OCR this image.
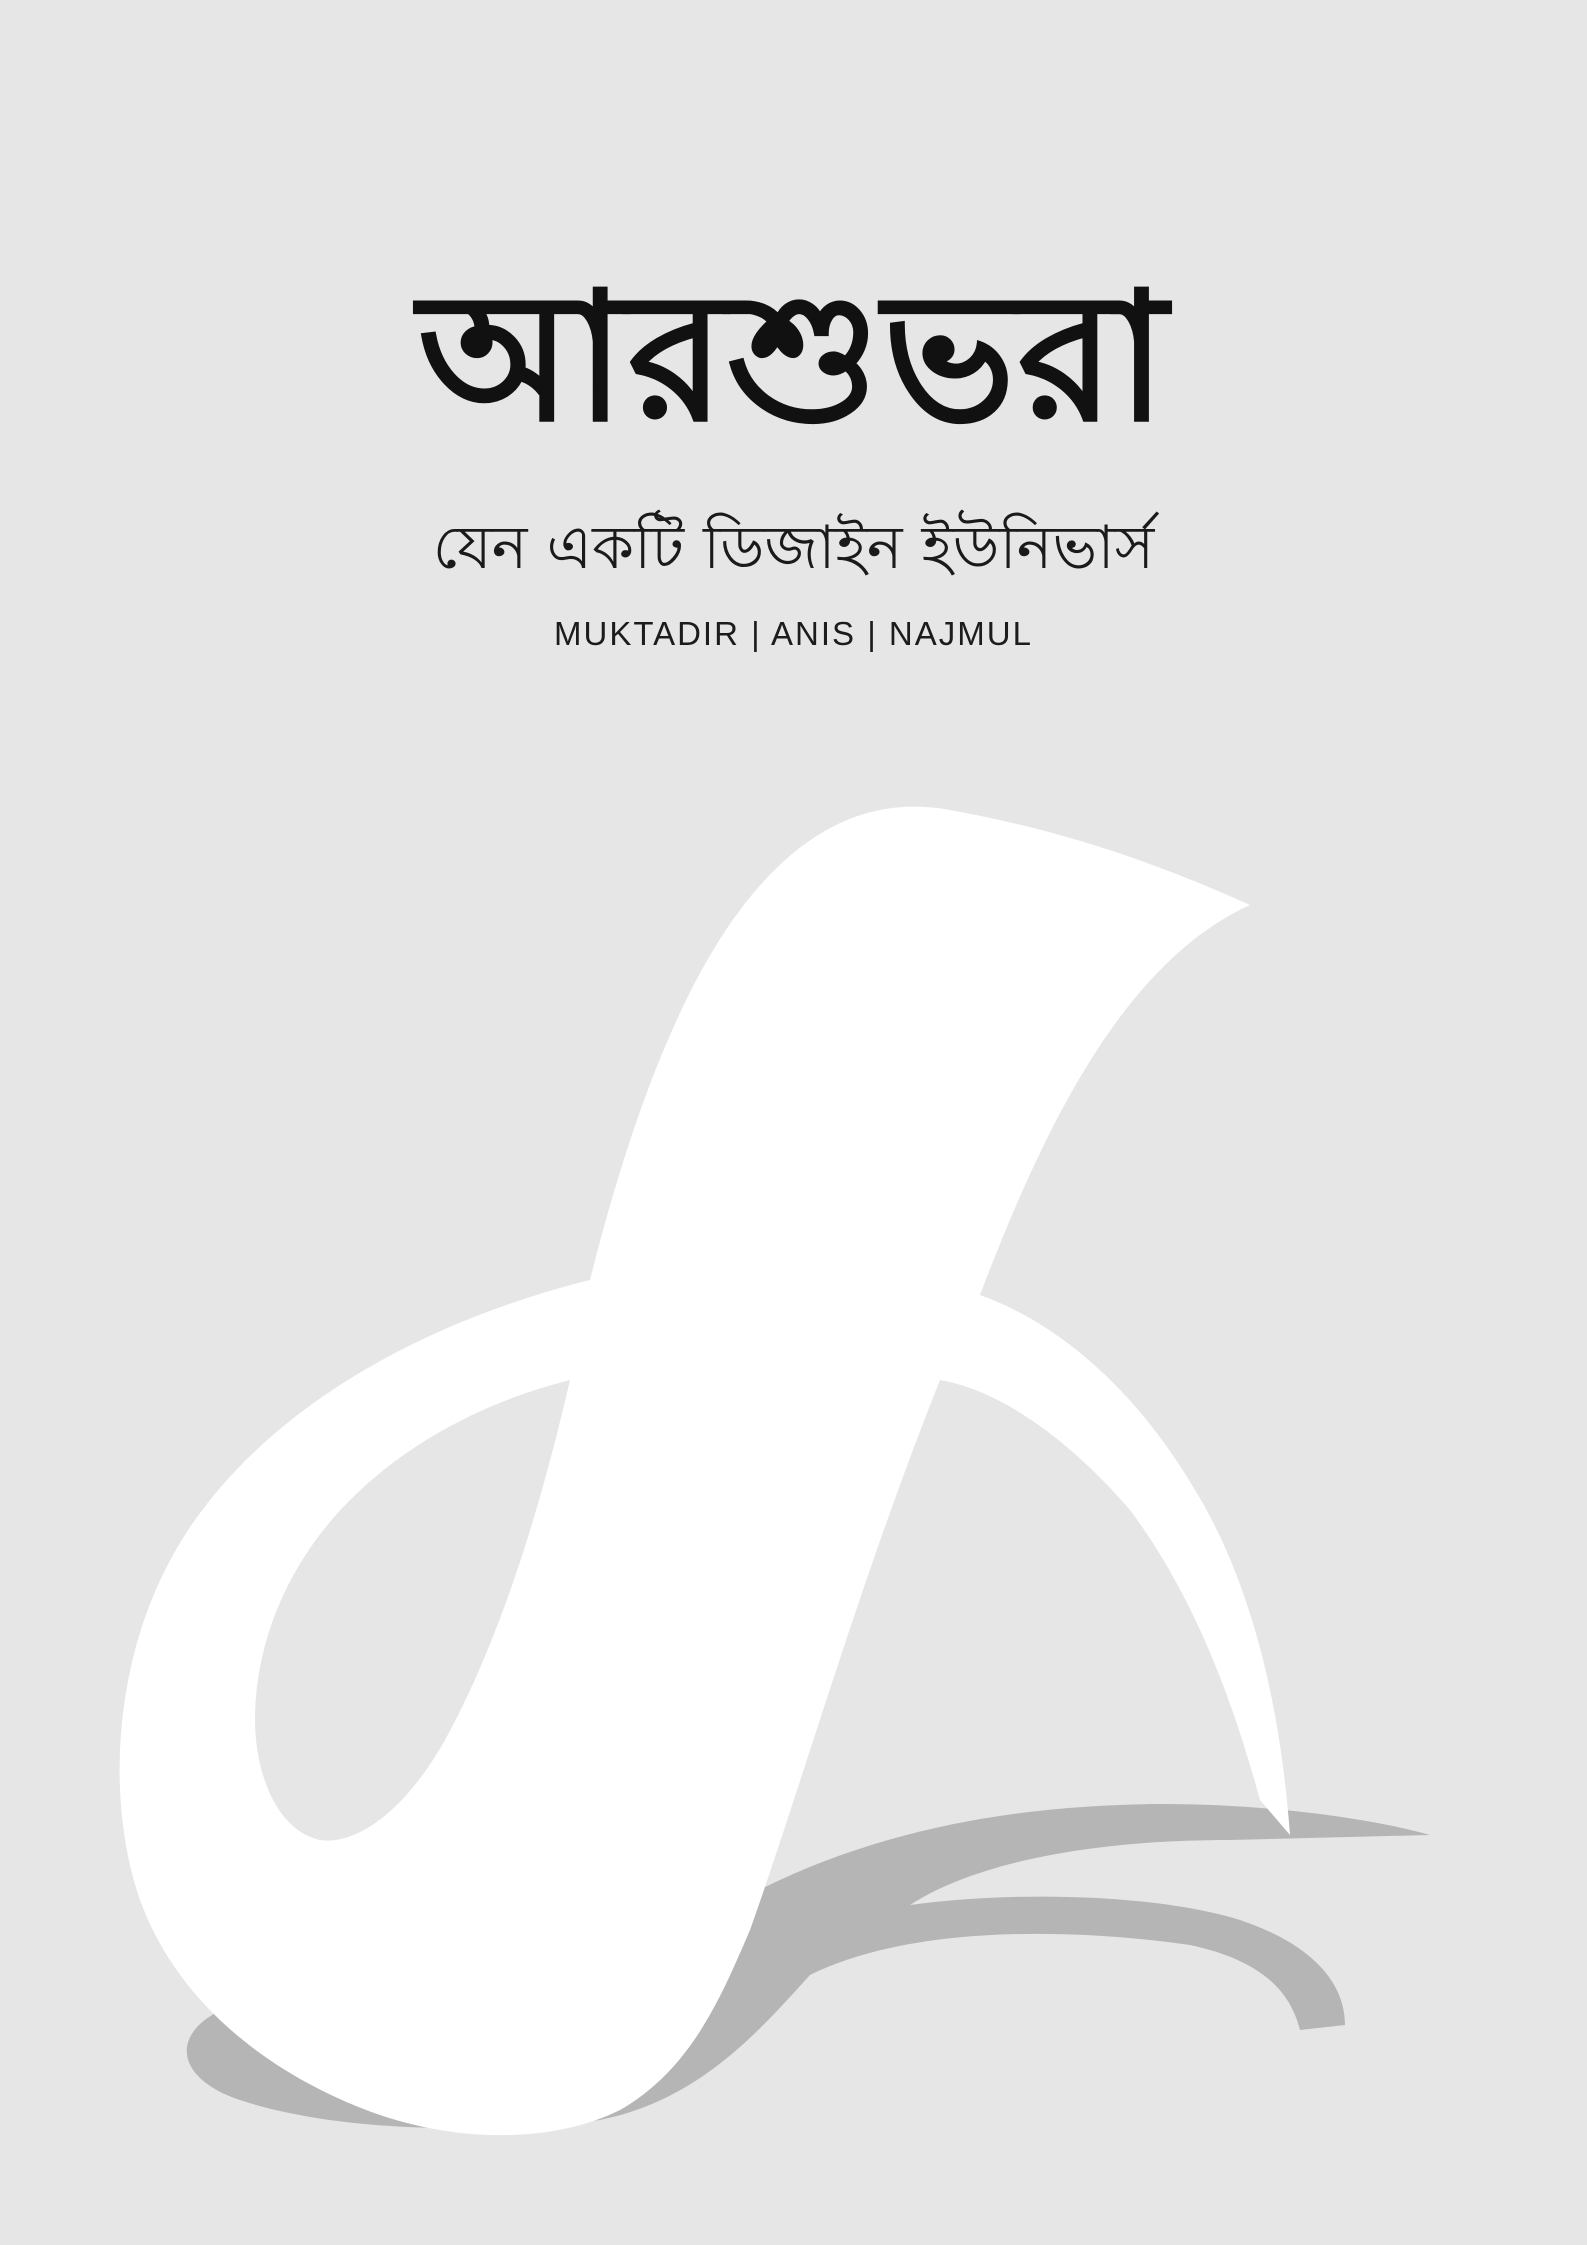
আরশুভরা
যেন একটি ডিজাইন ইউনিভার্স
MUKTADIR | ANIS | NAJMUL
